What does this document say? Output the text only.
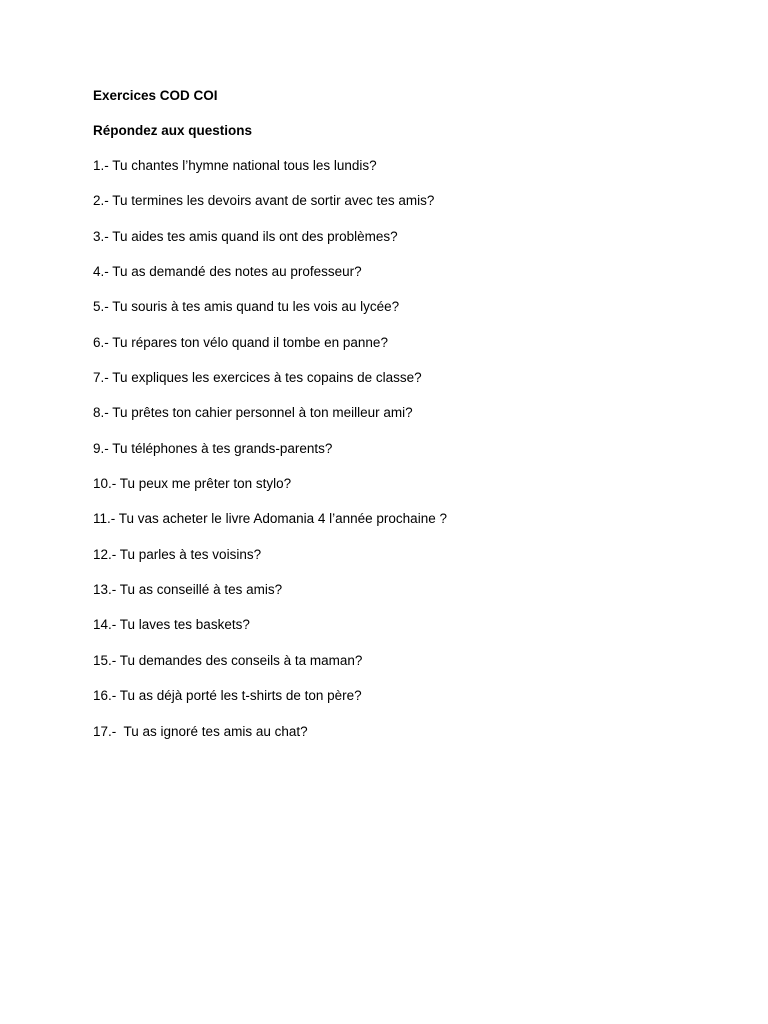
Exercices COD COI
Répondez aux questions
1.- Tu chantes l’hymne national tous les lundis?
2.- Tu termines les devoirs avant de sortir avec tes amis?
3.- Tu aides tes amis quand ils ont des problèmes?
4.- Tu as demandé des notes au professeur?
5.- Tu souris à tes amis quand tu les vois au lycée?
6.- Tu répares ton vélo quand il tombe en panne?
7.- Tu expliques les exercices à tes copains de classe?
8.- Tu prêtes ton cahier personnel à ton meilleur ami?
9.- Tu téléphones à tes grands-parents?
10.- Tu peux me prêter ton stylo?
11.- Tu vas acheter le livre Adomania 4 l’année prochaine ?
12.- Tu parles à tes voisins?
13.- Tu as conseillé à tes amis?
14.- Tu laves tes baskets?
15.- Tu demandes des conseils à ta maman?
16.- Tu as déjà porté les t-shirts de ton père?
17.-  Tu as ignoré tes amis au chat?
